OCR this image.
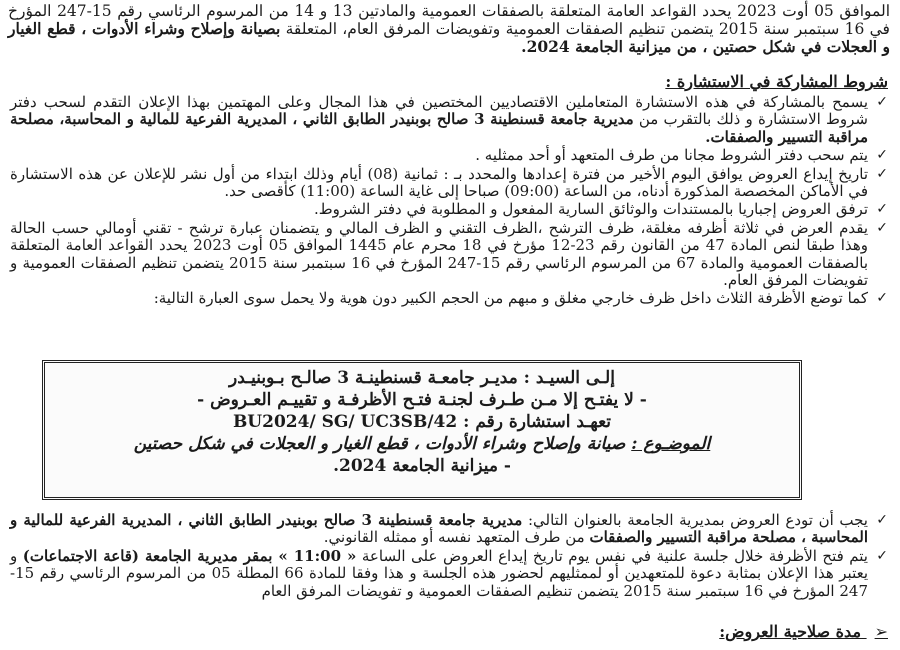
الموافق 05 أوت 2023 يحدد القواعد العامة المتعلقة بالصفقات العمومية والمادتين 13 و 14 من المرسوم الرئاسي رقم 15-247 المؤرخ في 16 سبتمبر سنة 2015 يتضمن تنظيم الصفقات العمومية وتفويضات المرفق العام، المتعلقة بصيانة وإصلاح وشراء الأدوات ، قطع الغيار و العجلات في شكل حصتين ، من ميزانية الجامعة 2024.
شروط المشاركة في الاستشارة :
✓
يسمح بالمشاركة في هذه الاستشارة المتعاملين الاقتصاديين المختصين في هذا المجال وعلى المهتمين بهذا الإعلان التقدم لسحب دفتر شروط الاستشارة و ذلك بالتقرب من مديرية جامعة قسنطينة 3 صالح بوبنيدر الطابق الثاني ، المديرية الفرعية للمالية و المحاسبة، مصلحة مراقبة التسيير والصفقات.
✓
يتم سحب دفتر الشروط مجانا من طرف المتعهد أو أحد ممثليه .
✓
تاريخ إيداع العروض يوافق اليوم الأخير من فترة إعدادها والمحدد بـ : ثمانية (08) أيام وذلك ابتداء من أول نشر للإعلان عن هذه الاستشارة في الأماكن المخصصة المذكورة أدناه، من الساعة (09:00) صباحا إلى غاية الساعة (11:00) كأقصى حد.
✓
ترفق العروض إجباريا بالمستندات والوثائق السارية المفعول و المطلوبة في دفتر الشروط.
✓
يقدم العرض في ثلاثة أظرفه مغلقة، ظرف الترشح ،الظرف التقني و الظرف المالي و يتضمنان عبارة ترشح - تقني أومالي حسب الحالة وهذا طبقا لنص المادة 47 من القانون رقم 23-12 مؤرخ في 18 محرم عام 1445 الموافق 05 أوت 2023 يحدد القواعد العامة المتعلقة بالصفقات العمومية والمادة 67 من المرسوم الرئاسي رقم 15-247 المؤرخ في 16 سبتمبر سنة 2015 يتضمن تنظيم الصفقات العمومية و تفويضات المرفق العام.
✓
كما توضع الأظرفة الثلاث داخل ظرف خارجي مغلق و مبهم من الحجم الكبير دون هوية ولا يحمل سوى العبارة التالية:
إلـى السيـد : مديـر جامعـة قسنطينـة 3 صالـح بـوبنيـدر
- لا يفتـح إلا مـن طـرف لجنـة فتـح الأظرفـة و تقييـم العـروض -
تعهـد استشارة رقم : BU2024/ SG/ UC3SB/42
الموضـوع : صيانة وإصلاح وشراء الأدوات ، قطع الغيار و العجلات في شكل حصتين
- ميزانية الجامعة 2024.
✓
يجب أن تودع العروض بمديرية الجامعة بالعنوان التالي: مديرية جامعة قسنطينة 3 صالح بوبنيدر الطابق الثاني ، المديرية الفرعية للمالية و المحاسبة ، مصلحة مراقبة التسيير والصفقات من طرف المتعهد نفسه أو ممثله القانوني.
✓
يتم فتح الأظرفة خلال جلسة علنية في نفس يوم تاريخ إيداع العروض على الساعة « 11:00 » بمقر مديرية الجامعة (قاعة الاجتماعات) و يعتبر هذا الإعلان بمثابة دعوة للمتعهدين أو لممثليهم لحضور هذه الجلسة و هذا وفقا للمادة 66 المطلة 05 من المرسوم الرئاسي رقم 15-247 المؤرخ في 16 سبتمبر سنة 2015 يتضمن تنظيم الصفقات العمومية و تفويضات المرفق العام
➢ مدة صلاحية العروض:
